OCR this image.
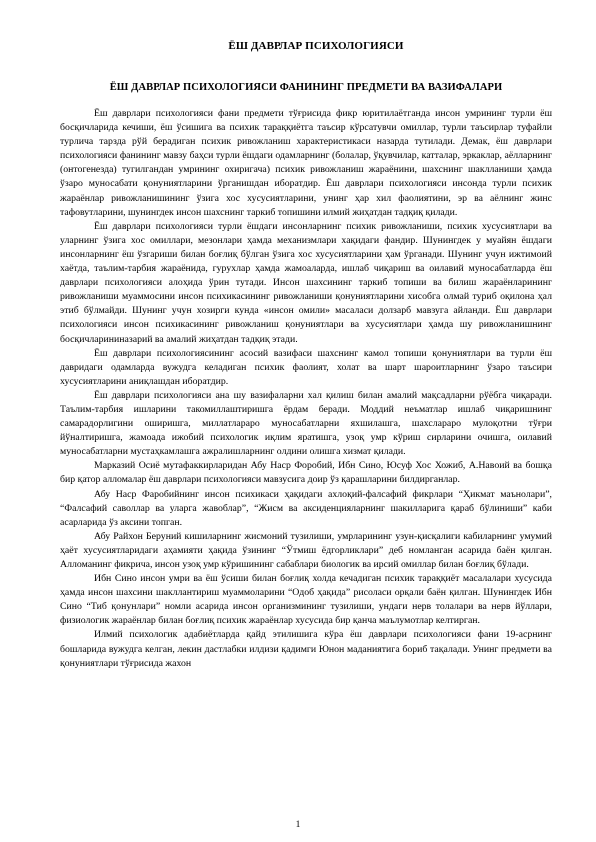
ЁШ ДАВРЛАР ПСИХОЛОГИЯСИ
ЁШ ДАВРЛАР ПСИХОЛОГИЯСИ ФАНИНИНГ ПРЕДМЕТИ ВА ВАЗИФАЛАРИ

Ёш даврлари психологияси фани предмети тўғрисида фикр юритилаётганда инсон умрининг турли ёш босқичларида кечиши, ёш ўсишига ва психик тараққиётга таъсир кўрсатувчи омиллар, турли таъсирлар туфайли турлича тарзда рўй берадиган психик ривожланиш характеристикаси назарда тутилади. Демак, ёш даврлари психологияси фанининг мавзу баҳси турли ёшдаги одамларнинг (болалар, ўқувчилар, катталар, эркаклар, аёлларнинг (онтогенезда) тугилгандан умрининг охиригача) психик ривожланиш жараёнини, шахснинг шаклланиши ҳамда ўзаро муносабати қонуниятларини ўрганишдан иборатдир. Ёш даврлари психологияси инсонда турли психик жараёнлар ривожланишининг ўзига хос хусусиятларини, унинг ҳар хил фаолиятини, эр ва аёлнинг жинс тафовутларини, шунингдек инсон шахснинг таркиб топишини илмий жиҳатдан тадқиқ қилади.

Ёш даврлари психологияси турли ёшдаги инсонларнинг психик ривожланиши, психик хусусиятлари ва уларнинг ўзига хос омиллари, мезонлари ҳамда механизмлари хақидаги фандир. Шунингдек у муайян ёшдаги инсонларнинг ёш ўзгариши билан боғлиқ бўлган ўзига хос хусусиятларини ҳам ўрганади. Шунинг учун ижтимоий хаётда, таълим-тарбия жараёнида, гурухлар ҳамда жамоаларда, ишлаб чиқариш ва оилавий муносабатларда ёш даврлари психологияси алоҳида ўрин тутади. Инсон шахсининг таркиб топиши ва билиш жараёнларининг ривожланиши муаммосини инсон психикасининг ривожланиши қонуниятларини хисобга олмай туриб оқилона ҳал этиб бўлмайди. Шунинг учун хозирги кунда «инсон омили» масаласи долзарб мавзуга айланди. Ёш даврлари психологияси инсон психикасининг ривожланиш қонуниятлари ва хусусиятлари ҳамда шу ривожланишнинг босқичларининазарий ва амалий жиҳатдан тадқиқ этади.

Ёш даврлари психологиясининг асосий вазифаси шахснинг камол топиши қонуниятлари ва турли ёш давридаги одамларда вужудга келадиган психик фаолият, холат ва шарт шароитларнинг ўзаро таъсири хусусиятларини аниқлашдан иборатдир.

Ёш даврлари психологияси ана шу вазифаларни хал қилиш билан амалий мақсадларни рўёбга чиқаради. Таълим-тарбия ишларини такомиллаштиришга ёрдам беради. Моддий неъматлар ишлаб чиқаришнинг самарадорлигини оширишга, миллатлараро муносабатларни яхшилашга, шахслараро мулоқотни тўғри йўналтиришга, жамоада ижобий психологик иқлим яратишга, узоқ умр кўриш сирларини очишга, оилавий муносабатларни мустаҳкамлашга ажралишларнинг олдини олишга хизмат қилади.

Марказий Осиё мутафаккирларидан Абу Наср Форобий, Ибн Сино, Юсуф Хос Хожиб, А.Навоий ва бошқа бир қатор алломалар ёш даврлари психологияси мавзусига доир ўз қарашларини билдирганлар.

Абу Наср Фаробийнинг инсон психикаси ҳақидаги ахлоқий-фалсафий фикрлари “Ҳикмат маънолари”, “Фалсафий саволлар ва уларга жавоблар”, “Жисм ва аксиденцияларнинг шакилларига қараб бўлиниши” каби асарларида ўз аксини топган.

Абу Райхон Беруний кишиларнинг жисмоний тузилиши, умрларининг узун-қисқалиги кабиларнинг умумий ҳаёт хусусиятларидаги аҳамияти ҳақида ўзининг “Ўтмиш ёдгорликлари” деб номланган асарида баён қилган. Алломанинг фикрича, инсон узоқ умр кўришининг сабаблари биологик ва ирсий омиллар билан боғлиқ бўлади.

Ибн Сино инсон умри ва ёш ўсиши билан боғлиқ холда кечадиган психик тараққиёт масалалари хусусида ҳамда инсон шахсини шакллантириш муаммоларини “Одоб ҳақида” рисоласи орқали баён қилган. Шунингдек Ибн Сино “Тиб қонунлари” номли асарида инсон организмининг тузилиши, ундаги нерв толалари ва нерв йўллари, физиологик жараёнлар билан боғлиқ психик жараёнлар хусусида бир қанча маълумотлар келтирган.

Илмий психологик адабиётларда қайд этилишига кўра ёш даврлари психологияси фани 19-асрнинг бошларида вужудга келган, лекин дастлабки илдизи қадимги Юнон маданиятига бориб тақалади. Унинг предмети ва қонуниятлари тўғрисида жахон

1
